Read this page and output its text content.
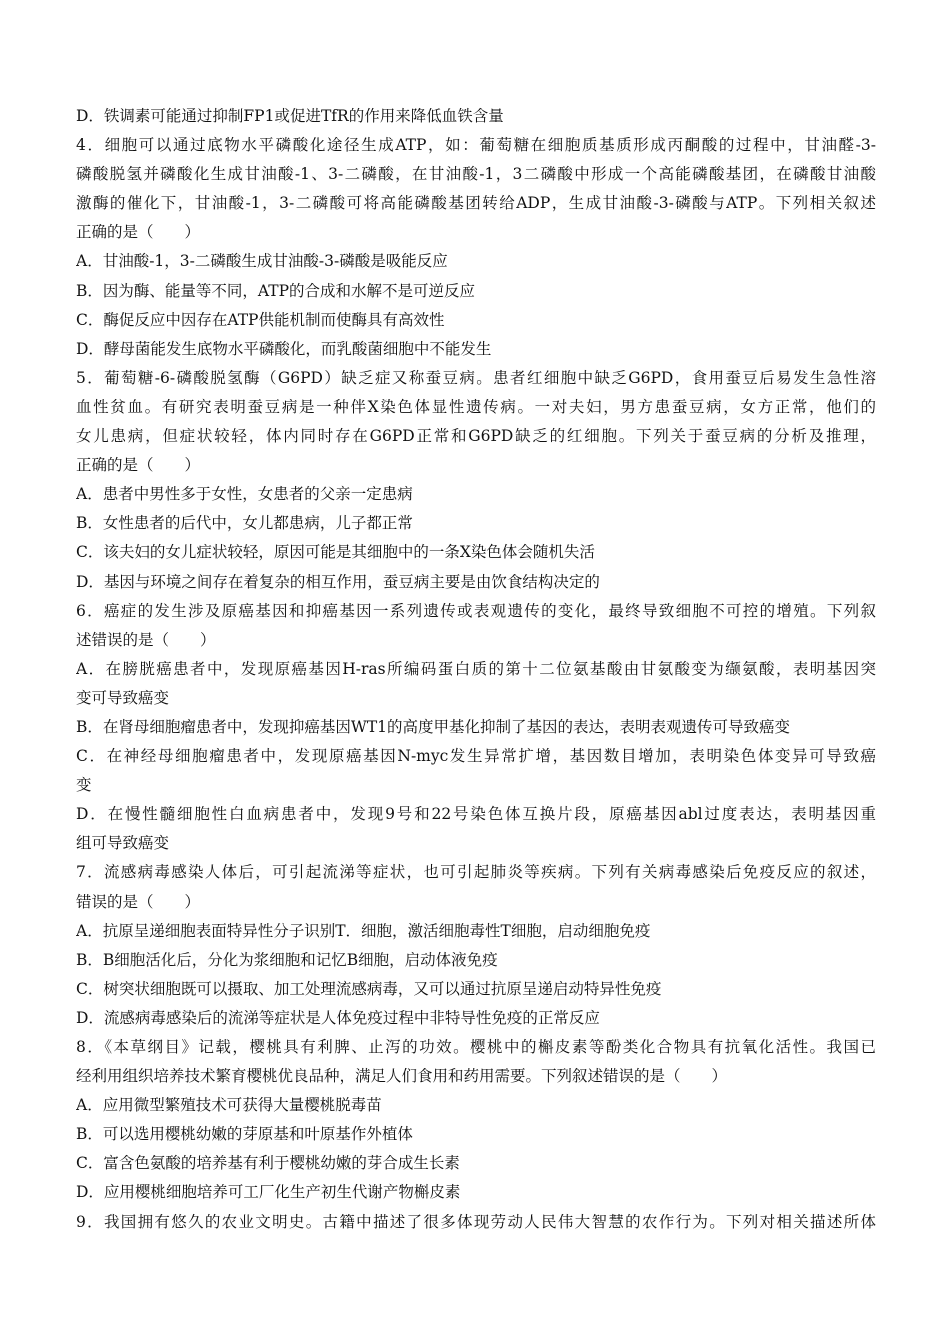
D．铁调素可能通过抑制FP1或促进TfR的作用来降低血铁含量
4．细胞可以通过底物水平磷酸化途径生成ATP，如：葡萄糖在细胞质基质形成丙酮酸的过程中，甘油醛-3-
磷酸脱氢并磷酸化生成甘油酸-1、3-二磷酸，在甘油酸-1，3二磷酸中形成一个高能磷酸基团，在磷酸甘油酸
激酶的催化下，甘油酸-1，3-二磷酸可将高能磷酸基团转给ADP，生成甘油酸-3-磷酸与ATP。下列相关叙述
正确的是（　　）
A．甘油酸-1，3-二磷酸生成甘油酸-3-磷酸是吸能反应
B．因为酶、能量等不同，ATP的合成和水解不是可逆反应
C．酶促反应中因存在ATP供能机制而使酶具有高效性
D．酵母菌能发生底物水平磷酸化，而乳酸菌细胞中不能发生
5．葡萄糖-6-磷酸脱氢酶（G6PD）缺乏症又称蚕豆病。患者红细胞中缺乏G6PD，食用蚕豆后易发生急性溶
血性贫血。有研究表明蚕豆病是一种伴X染色体显性遗传病。一对夫妇，男方患蚕豆病，女方正常，他们的
女儿患病，但症状较轻，体内同时存在G6PD正常和G6PD缺乏的红细胞。下列关于蚕豆病的分析及推理，
正确的是（　　）
A．患者中男性多于女性，女患者的父亲一定患病
B．女性患者的后代中，女儿都患病，儿子都正常
C．该夫妇的女儿症状较轻，原因可能是其细胞中的一条X染色体会随机失活
D．基因与环境之间存在着复杂的相互作用，蚕豆病主要是由饮食结构决定的
6．癌症的发生涉及原癌基因和抑癌基因一系列遗传或表观遗传的变化，最终导致细胞不可控的增殖。下列叙
述错误的是（　　）
A．在膀胱癌患者中，发现原癌基因H-ras所编码蛋白质的第十二位氨基酸由甘氨酸变为缬氨酸，表明基因突
变可导致癌变
B．在肾母细胞瘤患者中，发现抑癌基因WT1的高度甲基化抑制了基因的表达，表明表观遗传可导致癌变
C．在神经母细胞瘤患者中，发现原癌基因N-myc发生异常扩增，基因数目增加，表明染色体变异可导致癌
变
D．在慢性髓细胞性白血病患者中，发现9号和22号染色体互换片段，原癌基因abl过度表达，表明基因重
组可导致癌变
7．流感病毒感染人体后，可引起流涕等症状，也可引起肺炎等疾病。下列有关病毒感染后免疫反应的叙述，
错误的是（　　）
A．抗原呈递细胞表面特异性分子识别T．细胞，激活细胞毒性T细胞，启动细胞免疫
B．B细胞活化后，分化为浆细胞和记忆B细胞，启动体液免疫
C．树突状细胞既可以摄取、加工处理流感病毒，又可以通过抗原呈递启动特异性免疫
D．流感病毒感染后的流涕等症状是人体免疫过程中非特导性免疫的正常反应
8．《本草纲目》记载，樱桃具有利脾、止泻的功效。樱桃中的槲皮素等酚类化合物具有抗氧化活性。我国已
经利用组织培养技术繁育樱桃优良品种，满足人们食用和药用需要。下列叙述错误的是（　　）
A．应用微型繁殖技术可获得大量樱桃脱毒苗
B．可以选用樱桃幼嫩的芽原基和叶原基作外植体
C．富含色氨酸的培养基有利于樱桃幼嫩的芽合成生长素
D．应用樱桃细胞培养可工厂化生产初生代谢产物槲皮素
9．我国拥有悠久的农业文明史。古籍中描述了很多体现劳动人民伟大智慧的农作行为。下列对相关描述所体
